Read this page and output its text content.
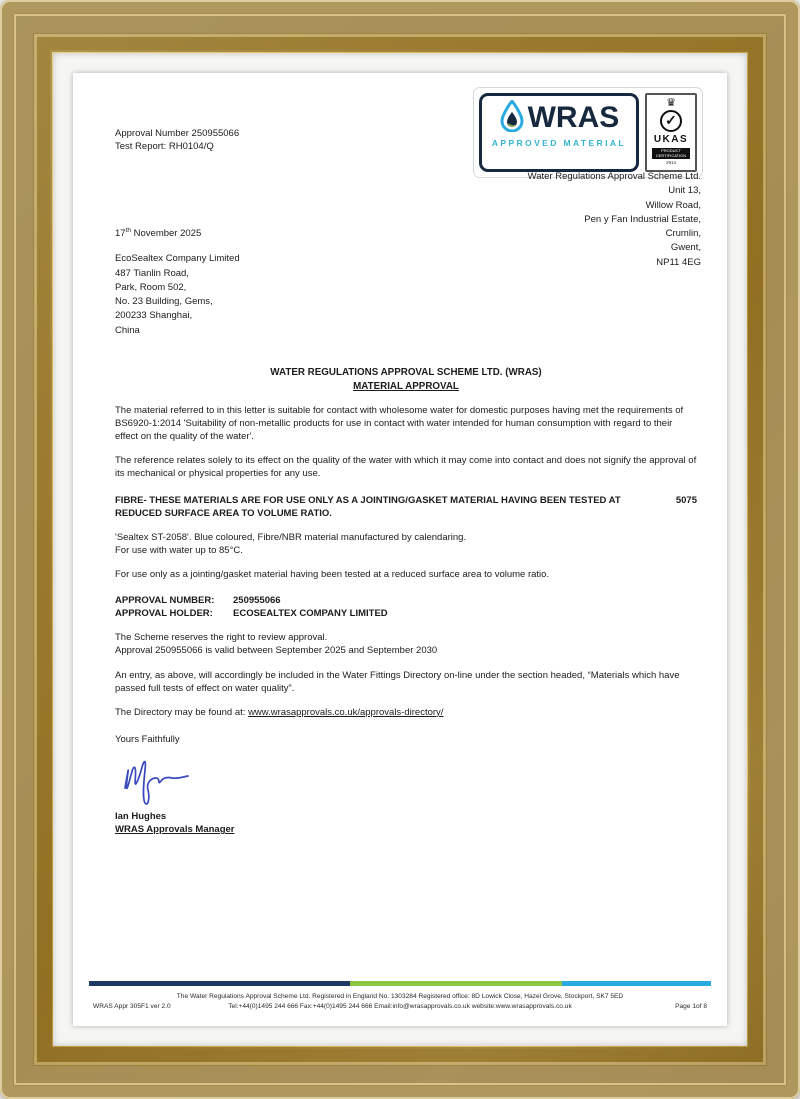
Approval Number 250955066
Test Report: RH0104/Q
WRAS
APPROVED MATERIAL
♛
✓
UKAS
PRODUCT CERTIFICATION
2914
Water Regulations Approval Scheme Ltd.
Unit 13,
Willow Road,
Pen y Fan Industrial Estate,
Crumlin,
Gwent,
NP11 4EG
17th November 2025
EcoSealtex Company Limited
487 Tianlin Road,
Park, Room 502,
No. 23 Building, Gems,
200233 Shanghai,
China
WATER REGULATIONS APPROVAL SCHEME LTD. (WRAS)
MATERIAL APPROVAL
The material referred to in this letter is suitable for contact with wholesome water for domestic purposes having met the requirements of BS6920-1:2014 'Suitability of non-metallic products for use in contact with water intended for human consumption with regard to their effect on the quality of the water'.
The reference relates solely to its effect on the quality of the water with which it may come into contact and does not signify the approval of its mechanical or physical properties for any use.
FIBRE- THESE MATERIALS ARE FOR USE ONLY AS A JOINTING/GASKET MATERIAL HAVING BEEN TESTED AT REDUCED SURFACE AREA TO VOLUME RATIO.
5075
'Sealtex ST-2058'. Blue coloured, Fibre/NBR material manufactured by calendaring.
For use with water up to 85°C.
For use only as a jointing/gasket material having been tested at a reduced surface area to volume ratio.
APPROVAL NUMBER: 250955066
APPROVAL HOLDER: ECOSEALTEX COMPANY LIMITED
The Scheme reserves the right to review approval.
Approval 250955066 is valid between September 2025 and September 2030
An entry, as above, will accordingly be included in the Water Fittings Directory on-line under the section headed, “Materials which have passed full tests of effect on water quality”.
The Directory may be found at: www.wrasapprovals.co.uk/approvals-directory/
Yours Faithfully
Ian Hughes
WRAS Approvals Manager
The Water Regulations Approval Scheme Ltd. Registered in England No. 1303284 Registered office: 8D Lowick Close, Hazel Grove, Stockport, SK7 5ED
Tel:+44(0)1495 244 666 Fax:+44(0)1495 244 666 Email:info@wrasapprovals.co.uk website:www.wrasapprovals.co.uk
WRAS Appr 305F1 ver 2.0	Page 1of 8
